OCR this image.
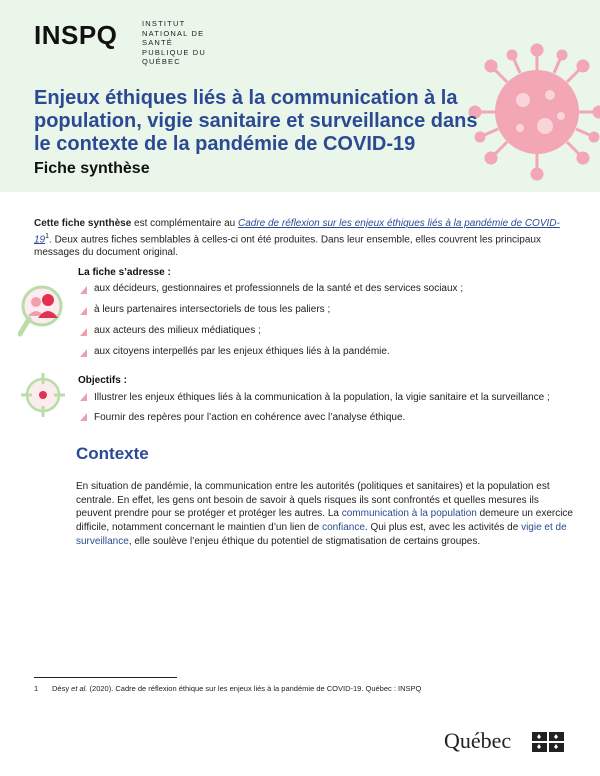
INSPQ	INSTITUT NATIONAL DE SANTÉ PUBLIQUE DU QUÉBEC
Enjeux éthiques liés à la communication à la population, vigie sanitaire et surveillance dans le contexte de la pandémie de COVID-19
Fiche synthèse

Cette fiche synthèse est complémentaire au Cadre de réflexion sur les enjeux éthiques liés à la pandémie de COVID-$19^1$. Deux autres fiches semblables à celles-ci ont été produites. Dans leur ensemble, elles couvrent les principaux messages du document original.

La fiche s’adresse :
aux décideurs, gestionnaires et professionnels de la santé et des services sociaux ;
à leurs partenaires intersectoriels de tous les paliers ;
aux acteurs des milieux médiatiques ;
aux citoyens interpellés par les enjeux éthiques liés à la pandémie.
Objectifs :
Illustrer les enjeux éthiques liés à la communication à la population, la vigie sanitaire et la surveillance ;
Fournir des repères pour l’action en cohérence avec l’analyse éthique.
Contexte

En situation de pandémie, la communication entre les autorités (politiques et sanitaires) et la population est centrale. En effet, les gens ont besoin de savoir à quels risques ils sont confrontés et quelles mesures ils peuvent prendre pour se protéger et protéger les autres. La communication à la population demeure un exercice difficile, notamment concernant le maintien d’un lien de confiance. Qui plus est, avec les activités de vigie et de surveillance, elle soulève l’enjeu éthique du potentiel de stigmatisation de certains groupes.

1 Désy et al. (2020). Cadre de réflexion éthique sur les enjeux liés à la pandémie de COVID-19. Québec : INSPQ
Québec
